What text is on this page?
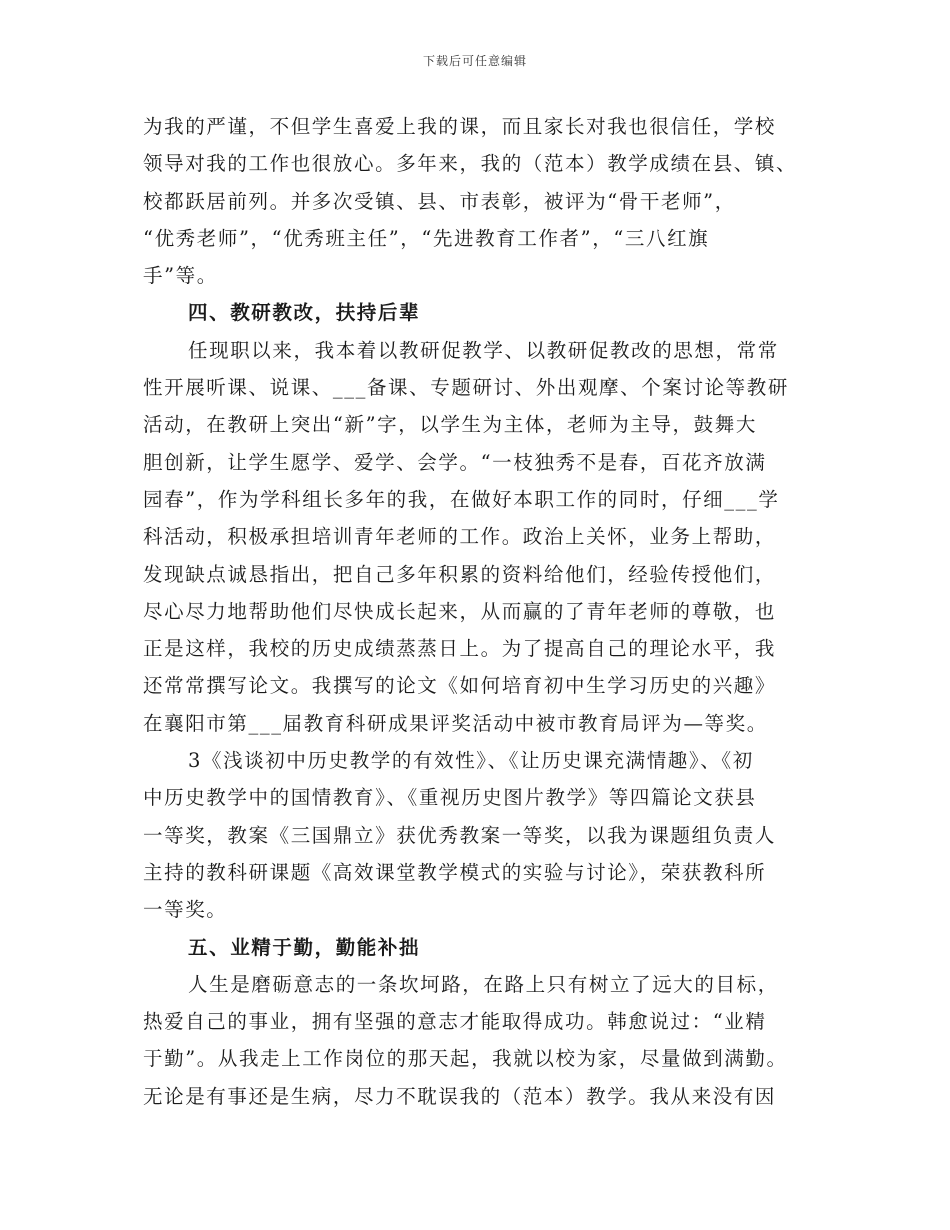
下载后可任意编辑
为我的严谨，不但学生喜爱上我的课，而且家长对我也很信任，学校
领导对我的工作也很放心。多年来，我的（范本）教学成绩在县、镇、
校都跃居前列。并多次受镇、县、市表彰，被评为“骨干老师”，
“优秀老师”，“优秀班主任”，“先进教育工作者”，“三八红旗
手”等。
四、教研教改，扶持后辈
任现职以来，我本着以教研促教学、以教研促教改的思想，常常
性开展听课、说课、___备课、专题研讨、外出观摩、个案讨论等教研
活动，在教研上突出“新”字，以学生为主体，老师为主导，鼓舞大
胆创新，让学生愿学、爱学、会学。“一枝独秀不是春，百花齐放满
园春”，作为学科组长多年的我，在做好本职工作的同时，仔细___学
科活动，积极承担培训青年老师的工作。政治上关怀，业务上帮助，
发现缺点诚恳指出，把自己多年积累的资料给他们，经验传授他们，
尽心尽力地帮助他们尽快成长起来，从而赢的了青年老师的尊敬，也
正是这样，我校的历史成绩蒸蒸日上。为了提高自己的理论水平，我
还常常撰写论文。我撰写的论文《如何培育初中生学习历史的兴趣》
在襄阳市第___届教育科研成果评奖活动中被市教育局评为—等奖。
3《浅谈初中历史教学的有效性》、《让历史课充满情趣》、《初
中历史教学中的国情教育》、《重视历史图片教学》等四篇论文获县
一等奖，教案《三国鼎立》获优秀教案一等奖，以我为课题组负责人
主持的教科研课题《高效课堂教学模式的实验与讨论》，荣获教科所
一等奖。
五、业精于勤，勤能补拙
人生是磨砺意志的一条坎坷路，在路上只有树立了远大的目标，
热爱自己的事业，拥有坚强的意志才能取得成功。韩愈说过：“业精
于勤”。从我走上工作岗位的那天起，我就以校为家，尽量做到满勤。
无论是有事还是生病，尽力不耽误我的（范本）教学。我从来没有因
